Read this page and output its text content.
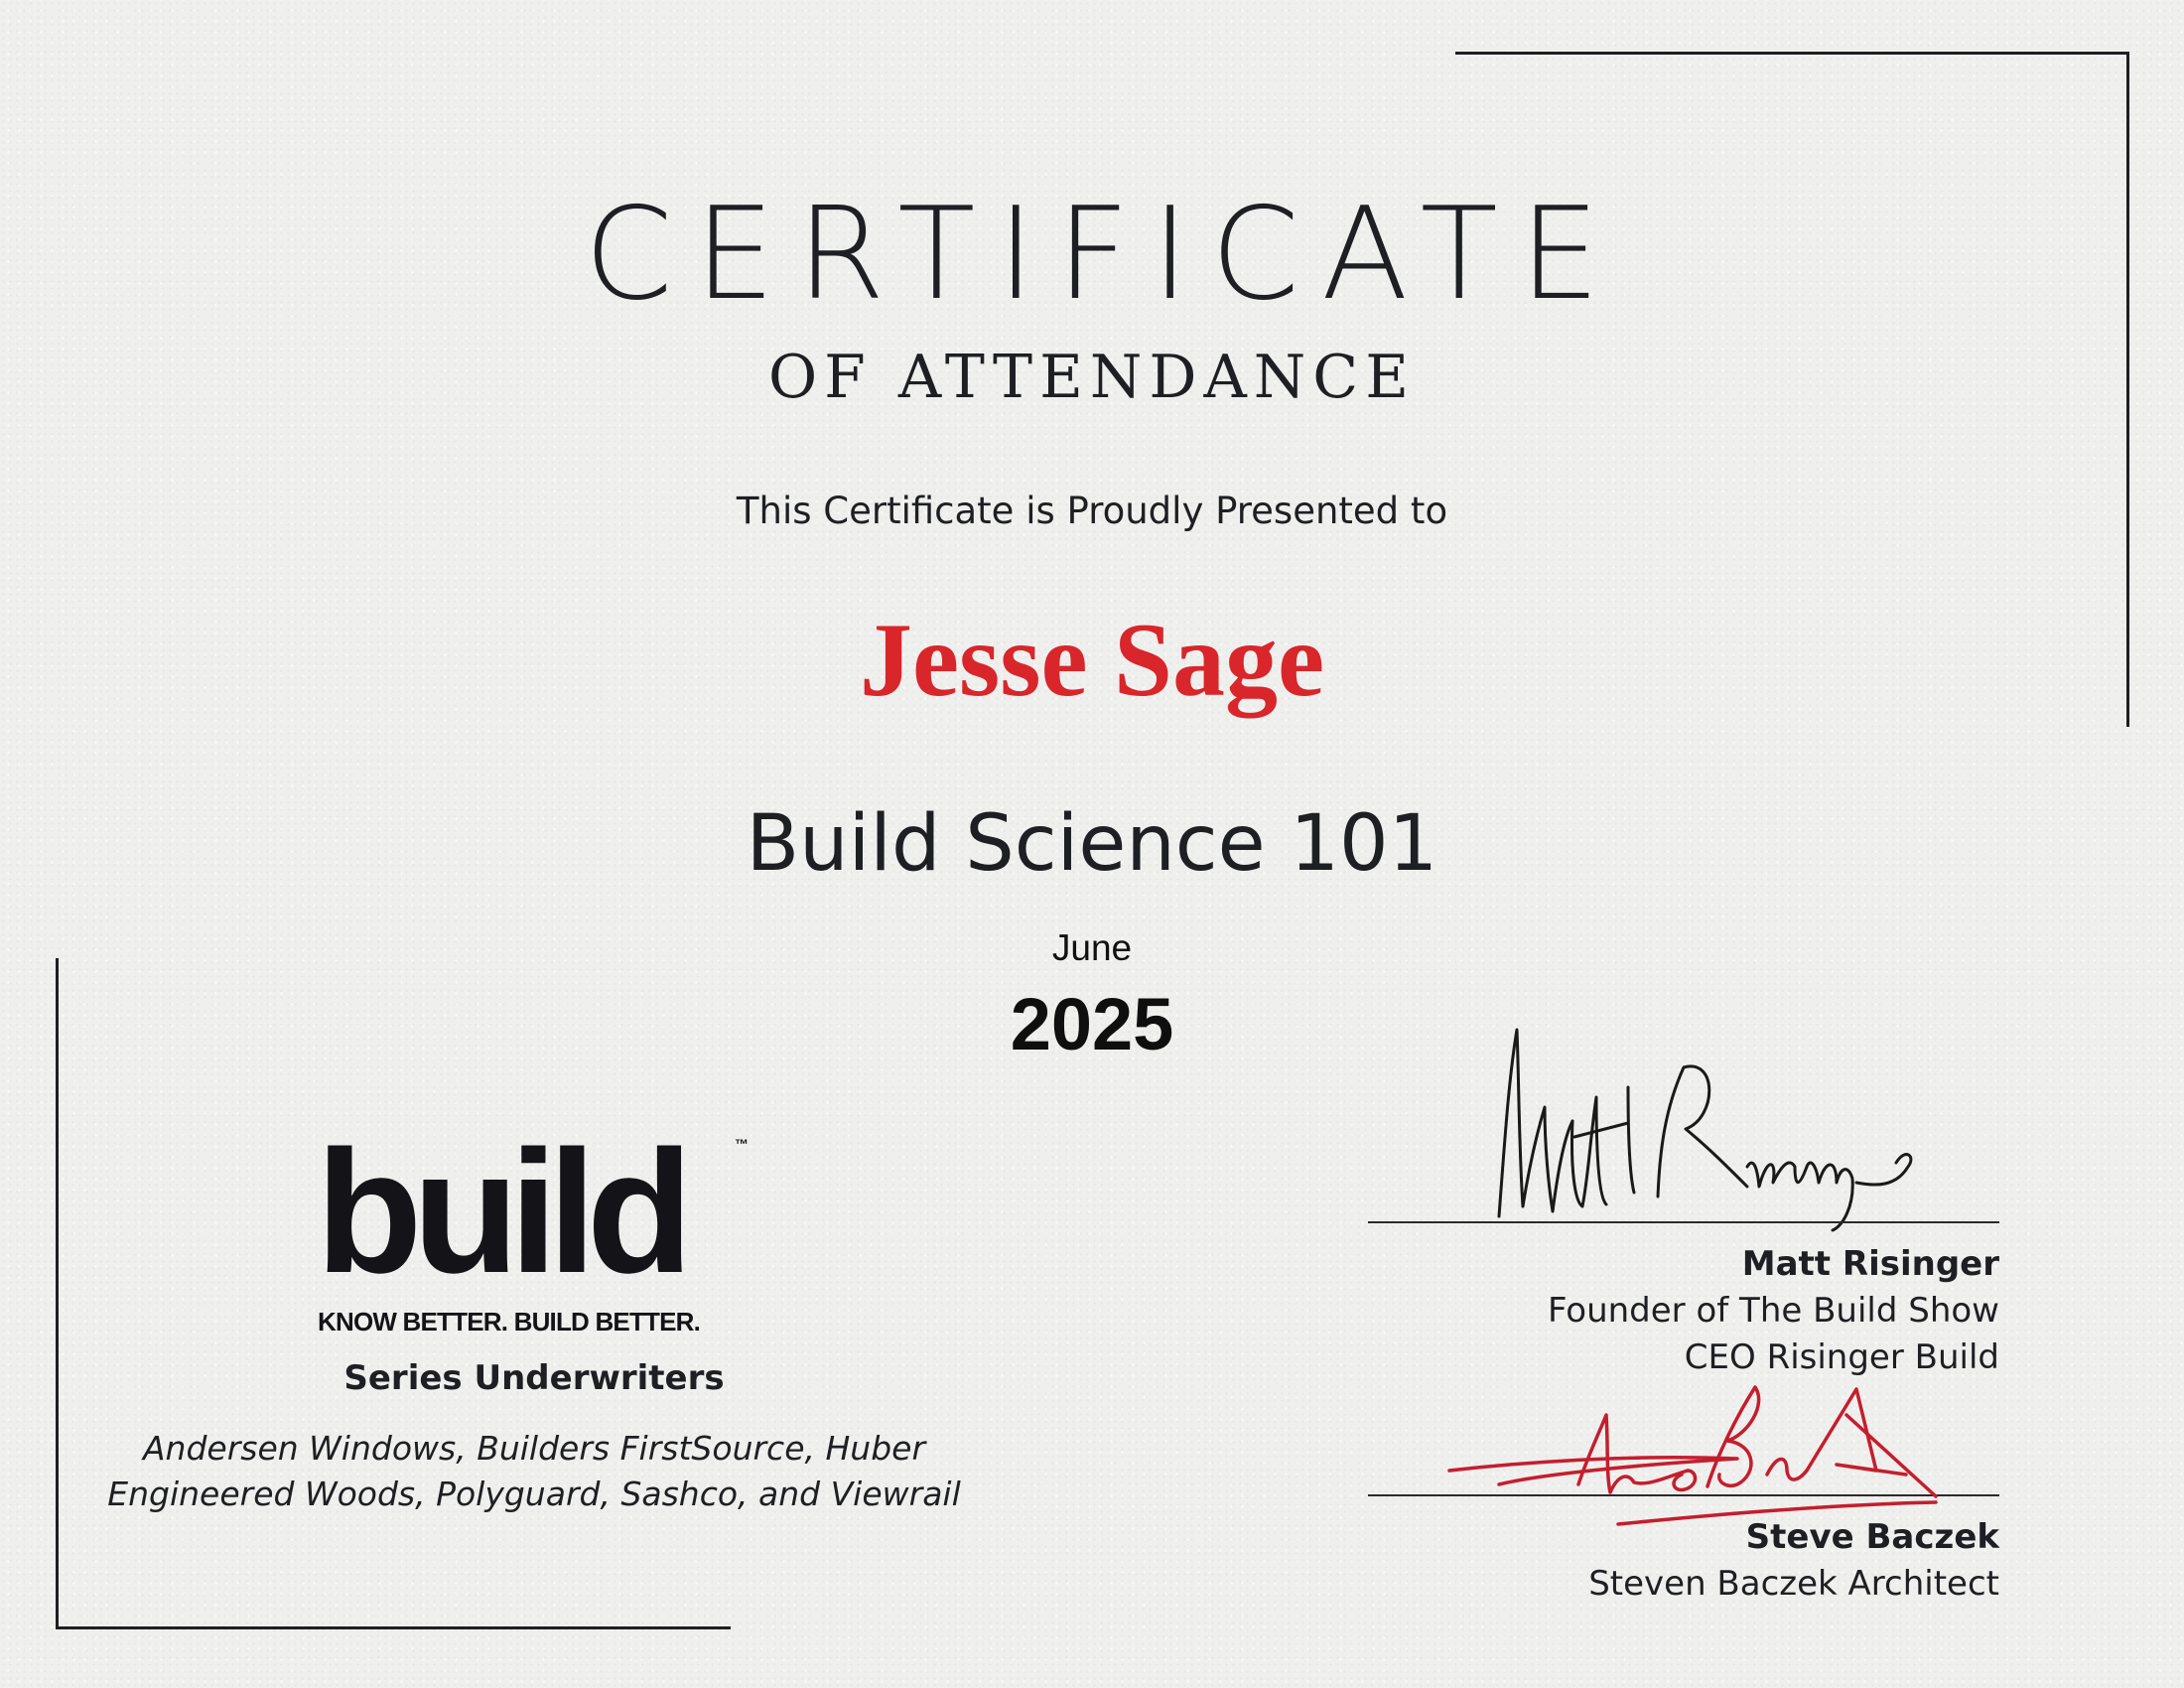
CERTIFICATE
OF ATTENDANCE
This Certificate is Proudly Presented to
Jesse Sage
Build Science 101
June
2025
build	™
KNOW BETTER. BUILD BETTER.
Series Underwriters
Andersen Windows, Builders FirstSource, Huber Engineered Woods, Polyguard, Sashco, and Viewrail
Matt Risinger
Founder of The Build Show
CEO Risinger Build
Steve Baczek
Steven Baczek Architect
